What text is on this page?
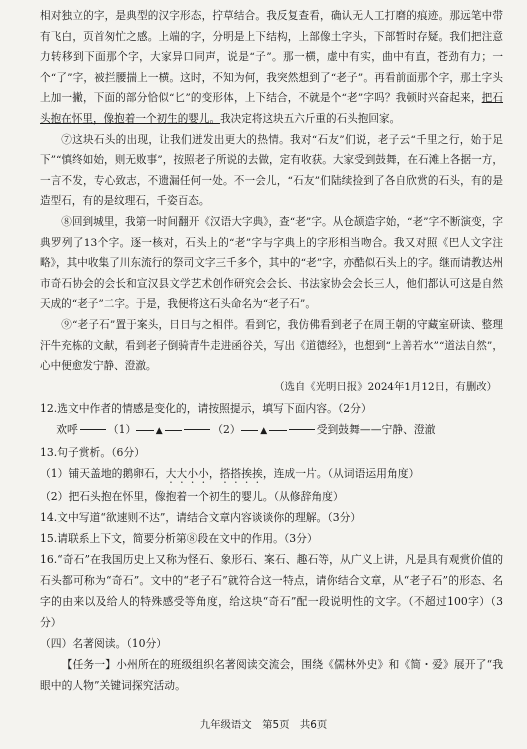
相对独立的字，是典型的汉字形态，拧草结合。我反复查看，确认无人工打磨的痕迹。那远笔中带有飞白，页首匆忙之感。上端的字，分明是上下结构，上部像土字头，下部暂时存疑。我们把注意力转移到下面那个字，大家异口同声，说是“子”。那一横，虚中有实，曲中有直，苍劲有力；一个“了”字，被拦腰揣上一横。这时，不知为何，我突然想到了“老子”。再看前面那个字，那土字头上加一撇，下面的部分恰似“匕”的变形体，上下结合，不就是个“老”字吗？我顿时兴奋起来，把石头抱在怀里，像抱着一个初生的婴儿。我决定将这块五六斤重的石头抱回家。

⑦这块石头的出现，让我们迸发出更大的热情。我对“石友”们说，老子云“千里之行，始于足下”“慎终如始，则无败事”，按照老子所说的去做，定有收获。大家受到鼓舞，在石滩上各据一方，一言不发，专心致志，不遗漏任何一处。不一会儿，“石友”们陆续捡到了各自欣赏的石头，有的是造型石，有的是纹理石，千姿百态。

⑧回到城里，我第一时间翻开《汉语大字典》，查“老”字。从仓颉造字始，“老”字不断演变，字典罗列了13个字。逐一核对，石头上的“老”字与字典上的字形相当吻合。我又对照《巴人文字注略》，其中收集了川东流行的祭司文字三千多个，其中的“老”字，亦酷似石头上的字。继而请教达州市奇石协会的会长和宣汉县文学艺术创作研究会会长、书法家协会会长三人，他们都认可这是自然天成的“老子”二字。于是，我便将这石头命名为“老子石”。

⑨“老子石”置于案头，日日与之相伴。看到它，我仿佛看到老子在周王朝的守藏室研读、整理汗牛充栋的文献，看到老子倒骑青牛走进函谷关，写出《道德经》，也想到“上善若水”“道法自然”，心中便愈发宁静、澄澈。

（选自《光明日报》2024年1月12日，有删改）

12.选文中作者的情感是变化的，请按照提示，填写下面内容。（2分）

欢呼	（1） ▲	（2） ▲	受到鼓舞——宁静、澄澈

13.句子赏析。（6分）

（1）铺天盖地的鹅卵石，大大小小，搭搭挨挨，连成一片。（从词语运用角度）

（2）把石头抱在怀里，像抱着一个初生的婴儿。（从修辞角度）

14.文中写道“欲速则不达”，请结合文章内容谈谈你的理解。（3分）

15.请联系上下文，简要分析第⑧段在文中的作用。（3分）

16.“奇石”在我国历史上又称为怪石、象形石、案石、趣石等，从广义上讲，凡是具有观赏价值的石头都可称为“奇石”。文中的“老子石”就符合这一特点，请你结合文章，从“老子石”的形态、名字的由来以及给人的特殊感受等角度，给这块“奇石”配一段说明性的文字。（不超过100字）（3分）

（四）名著阅读。（10分）

【任务一】小州所在的班级组织名著阅读交流会，围绕《儒林外史》和《简・爱》展开了“我眼中的人物”关键词探究活动。

九年级语文　第5页　共6页
